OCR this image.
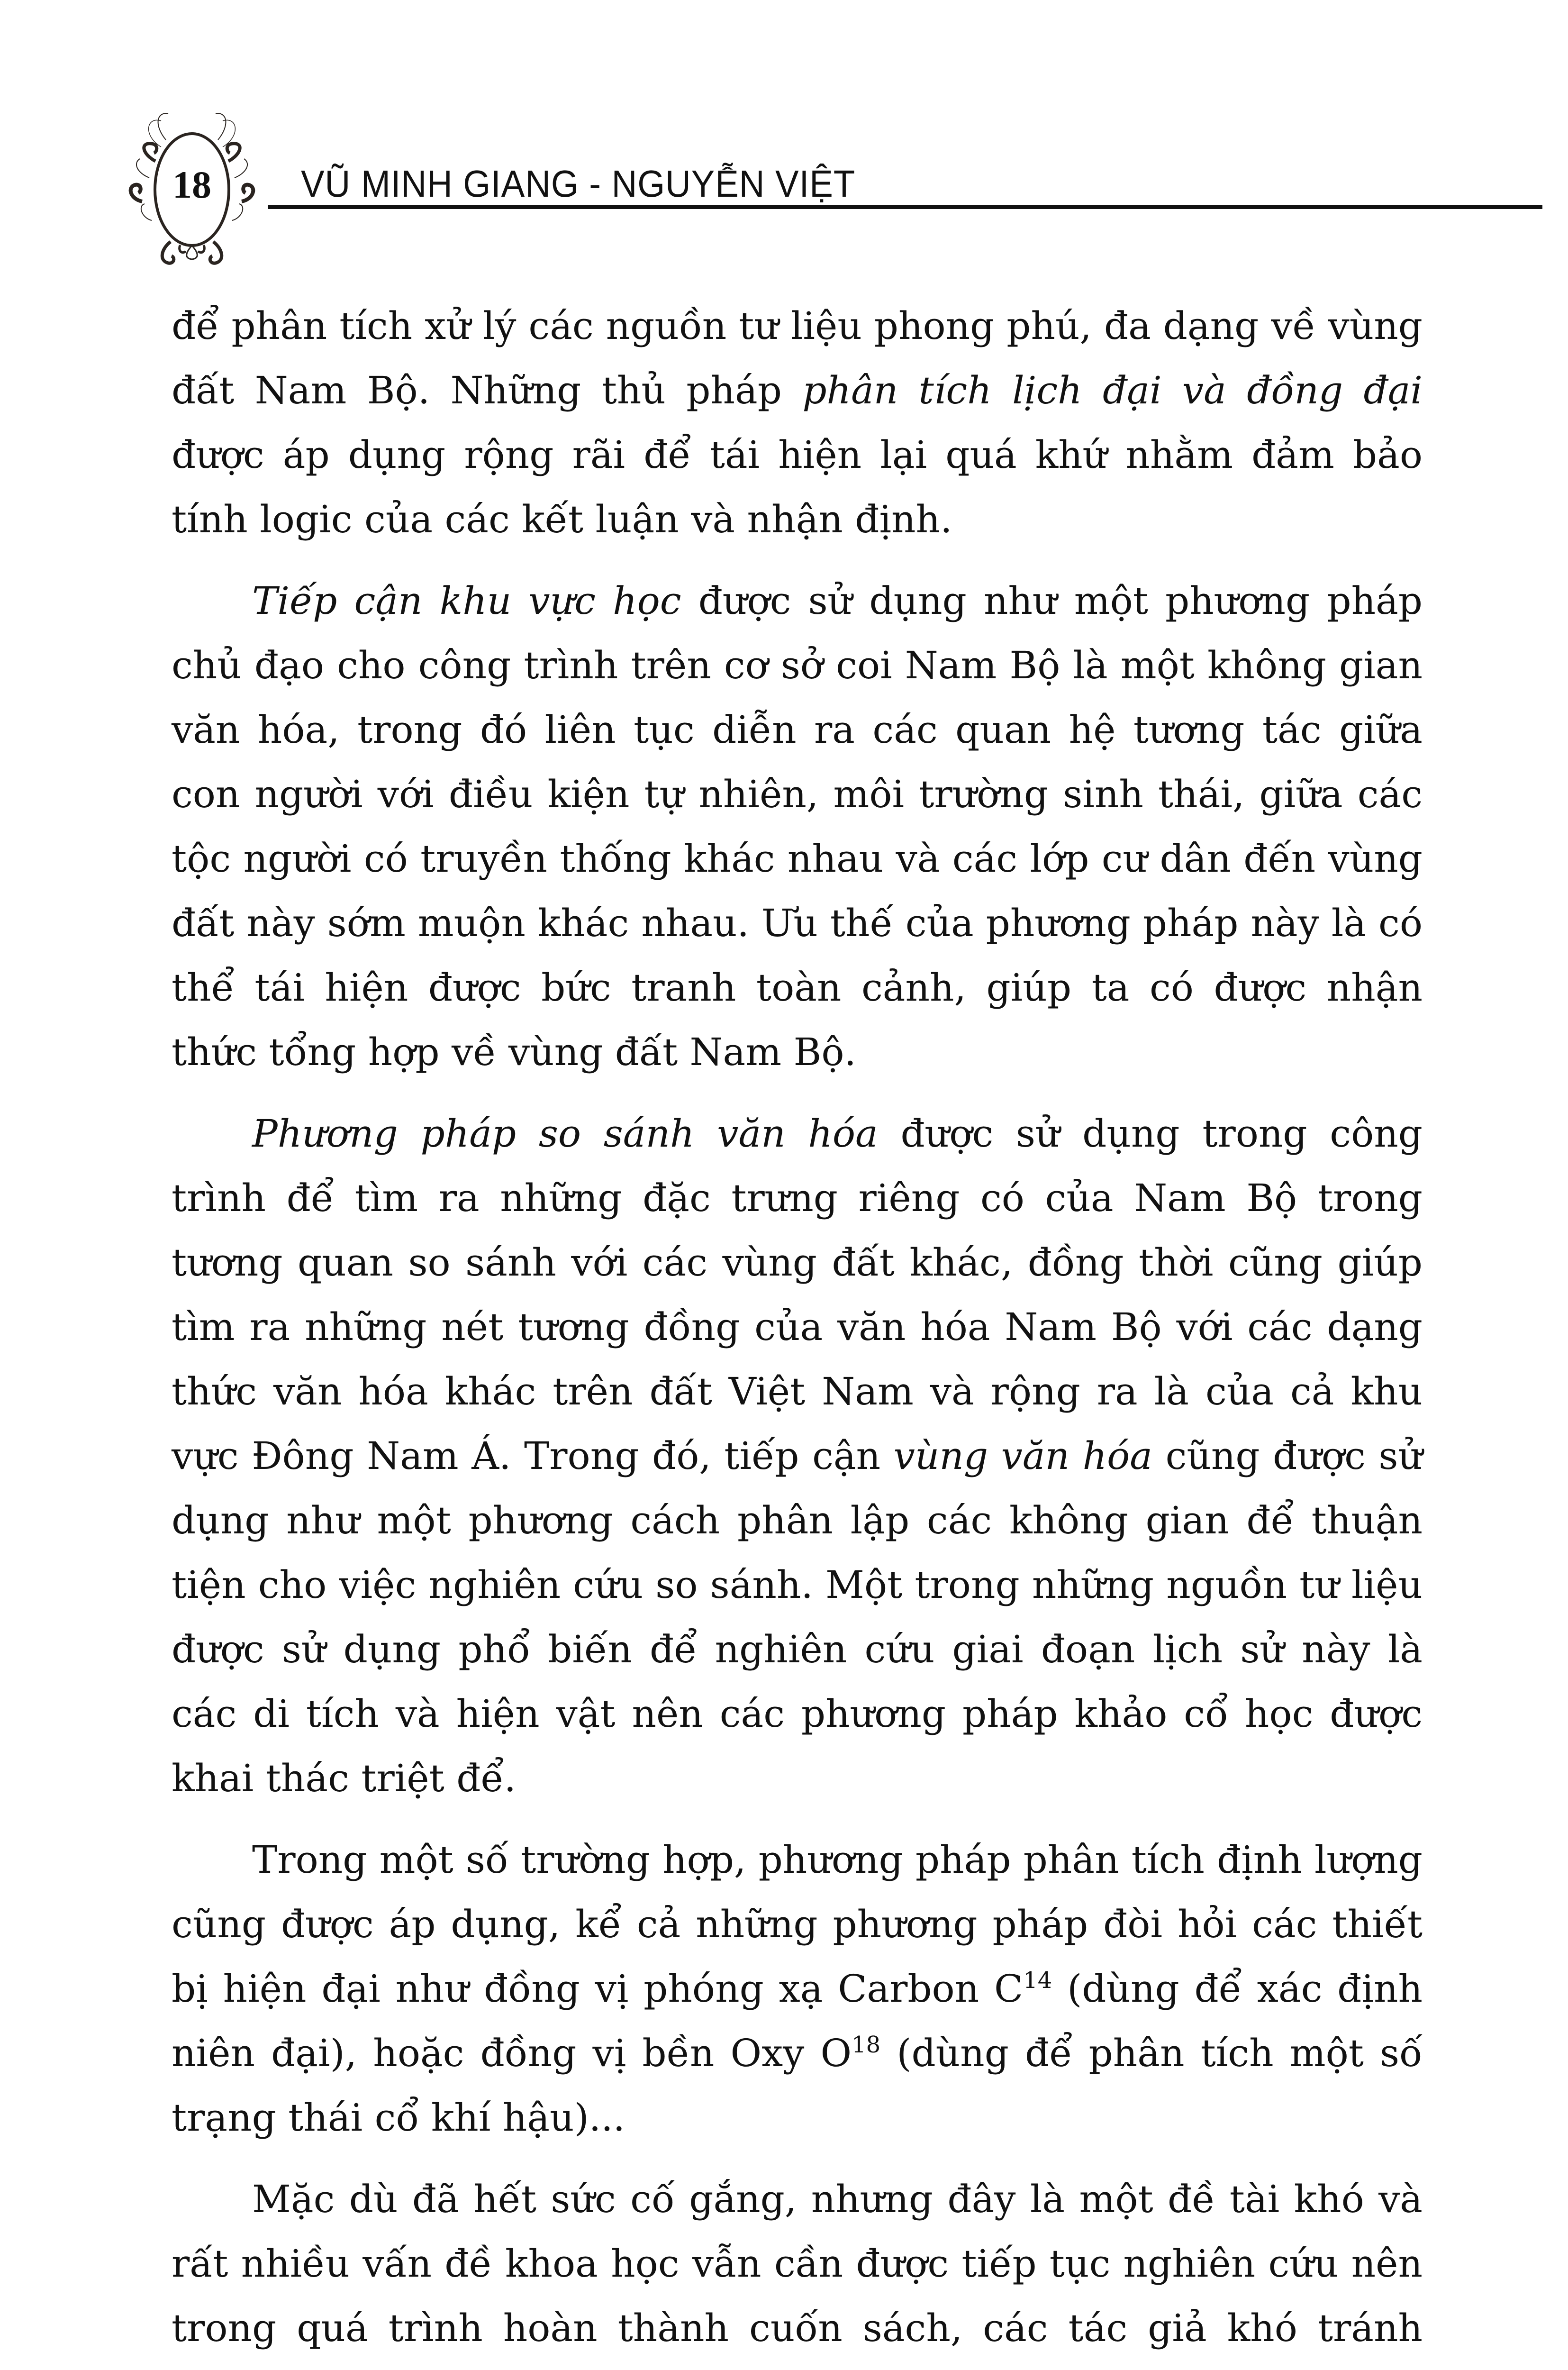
18	VŨ MINH GIANG - NGUYỄN VIỆT

để phân tích xử lý các nguồn tư liệu phong phú, đa dạng về vùng đất Nam Bộ. Những thủ pháp phân tích lịch đại và đồng đại được áp dụng rộng rãi để tái hiện lại quá khứ nhằm đảm bảo tính logic của các kết luận và nhận định.

Tiếp cận khu vực học được sử dụng như một phương pháp chủ đạo cho công trình trên cơ sở coi Nam Bộ là một không gian văn hóa, trong đó liên tục diễn ra các quan hệ tương tác giữa con người với điều kiện tự nhiên, môi trường sinh thái, giữa các tộc người có truyền thống khác nhau và các lớp cư dân đến vùng đất này sớm muộn khác nhau. Ưu thế của phương pháp này là có thể tái hiện được bức tranh toàn cảnh, giúp ta có được nhận thức tổng hợp về vùng đất Nam Bộ.

Phương pháp so sánh văn hóa được sử dụng trong công trình để tìm ra những đặc trưng riêng có của Nam Bộ trong tương quan so sánh với các vùng đất khác, đồng thời cũng giúp tìm ra những nét tương đồng của văn hóa Nam Bộ với các dạng thức văn hóa khác trên đất Việt Nam và rộng ra là của cả khu vực Đông Nam Á. Trong đó, tiếp cận vùng văn hóa cũng được sử dụng như một phương cách phân lập các không gian để thuận tiện cho việc nghiên cứu so sánh. Một trong những nguồn tư liệu được sử dụng phổ biến để nghiên cứu giai đoạn lịch sử này là các di tích và hiện vật nên các phương pháp khảo cổ học được khai thác triệt để.

Trong một số trường hợp, phương pháp phân tích định lượng cũng được áp dụng, kể cả những phương pháp đòi hỏi các thiết bị hiện đại như đồng vị phóng xạ Carbon $C^{14}$ (dùng để xác định niên đại), hoặc đồng vị bền Oxy $O^{18}$ (dùng để phân tích một số trạng thái cổ khí hậu)...

Mặc dù đã hết sức cố gắng, nhưng đây là một đề tài khó và rất nhiều vấn đề khoa học vẫn cần được tiếp tục nghiên cứu nên trong quá trình hoàn thành cuốn sách, các tác giả khó tránh
